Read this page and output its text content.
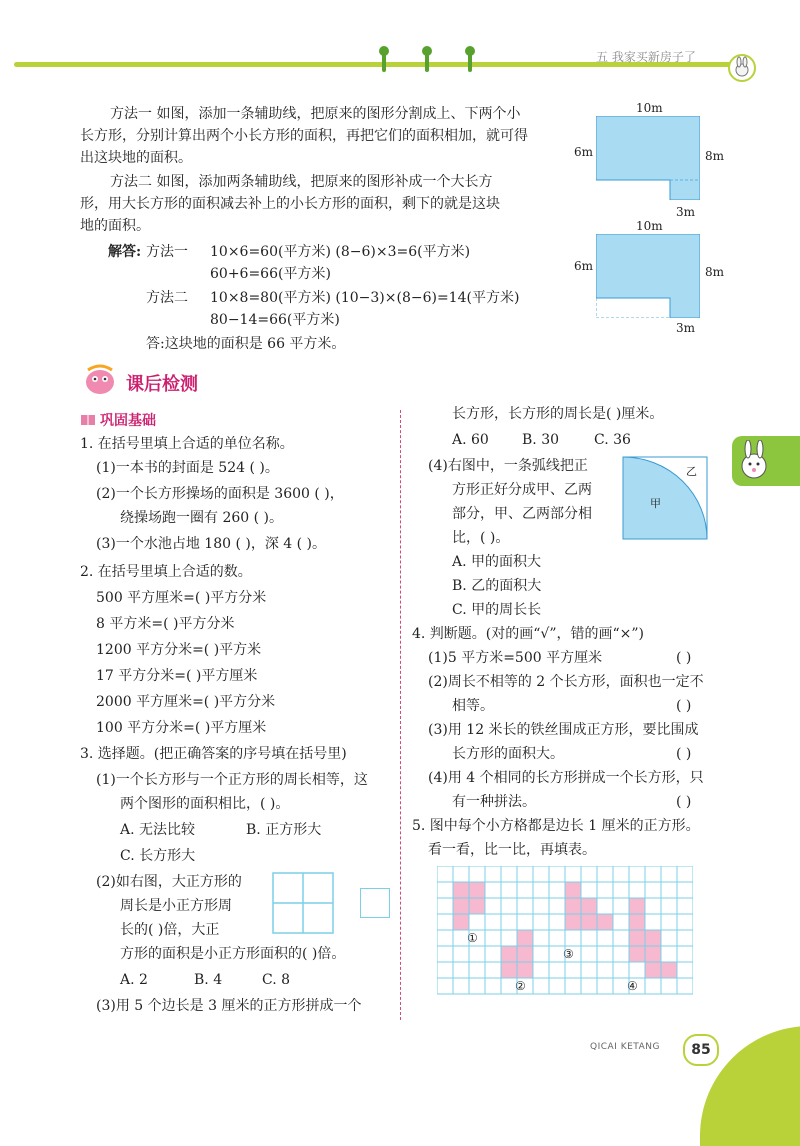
五 我家买新房子了
方法一 如图，添加一条辅助线，把原来的图形分割成上、下两个小
长方形，分别计算出两个小长方形的面积，再把它们的面积相加，就可得
出这块地的面积。
方法二 如图，添加两条辅助线，把原来的图形补成一个大长方
形，用大长方形的面积减去补上的小长方形的面积，剩下的就是这块
地的面积。
解答: 方法一 10×6=60(平方米) (8−6)×3=6(平方米)
60+6=66(平方米)
方法二 10×8=80(平方米) (10−3)×(8−6)=14(平方米)
80−14=66(平方米)
答:这块地的面积是 66 平方米。
10m
6m	8m
3m
10m
6m	8m
3m
课后检测
巩固基础
1. 在括号里填上合适的单位名称。
(1)一本书的封面是 524 ( )。
(2)一个长方形操场的面积是 3600 ( )，
绕操场跑一圈有 260 ( )。
(3)一个水池占地 180 ( )，深 4 ( )。
2. 在括号里填上合适的数。
500 平方厘米=( )平方分米
8 平方米=( )平方分米
1200 平方分米=( )平方米
17 平方分米=( )平方厘米
2000 平方厘米=( )平方分米
100 平方分米=( )平方厘米
3. 选择题。(把正确答案的序号填在括号里)
(1)一个长方形与一个正方形的周长相等，这
两个图形的面积相比，( )。
A. 无法比较	B. 正方形大
C. 长方形大
(2)如右图，大正方形的
周长是小正方形周
长的( )倍，大正
方形的面积是小正方形面积的( )倍。
A. 2	B. 4	C. 8
(3)用 5 个边长是 3 厘米的正方形拼成一个
长方形，长方形的周长是( )厘米。
A. 60 B. 30 C. 36
(4)右图中，一条弧线把正
方形正好分成甲、乙两
部分，甲、乙两部分相
比，( )。
A. 甲的面积大
B. 乙的面积大
C. 甲的周长长
甲
乙
4. 判断题。(对的画“√”，错的画“×”)
(1)5 平方米=500 平方厘米	( )
(2)周长不相等的 2 个长方形，面积也一定不
相等。	( )
(3)用 12 米长的铁丝围成正方形，要比围成
长方形的面积大。	( )
(4)用 4 个相同的长方形拼成一个长方形，只
有一种拼法。	( )
5. 图中每个小方格都是边长 1 厘米的正方形。
看一看，比一比，再填表。
①
②
③
④
QICAI KETANG	85
